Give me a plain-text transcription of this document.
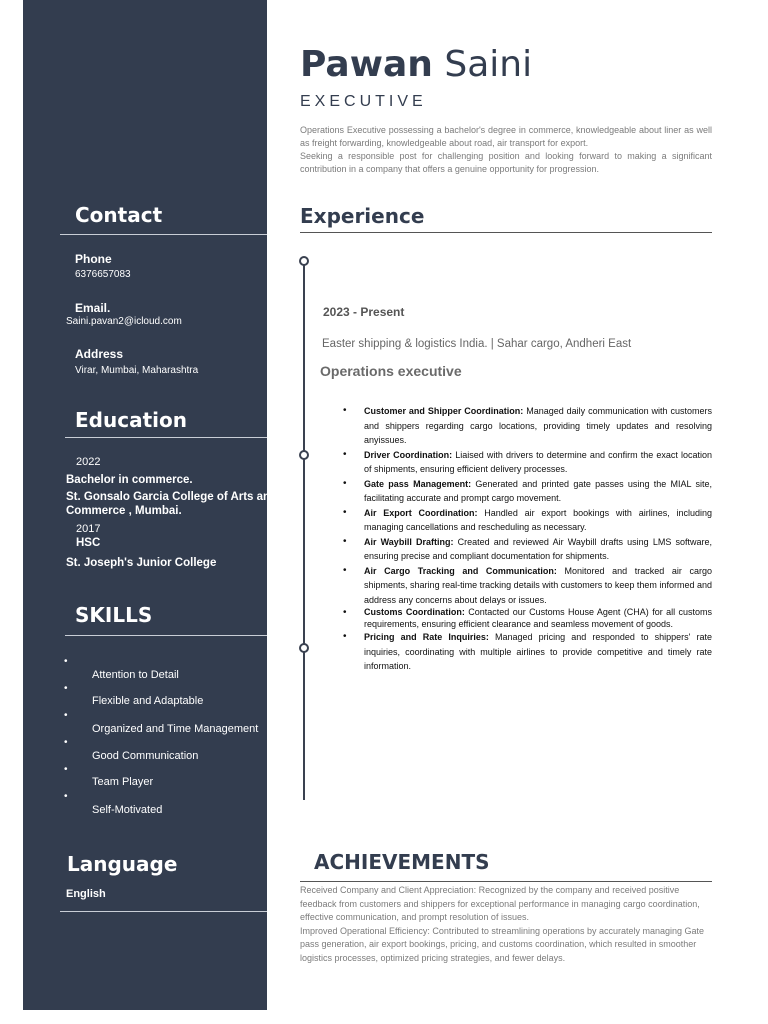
Contact
Phone
6376657083
Email.
Saini.pavan2@icloud.com
Address
Virar, Mumbai, Maharashtra
Education
2022
Bachelor in commerce.
St. Gonsalo Garcia College of Arts and
Commerce , Mumbai.
2017
HSC
St. Joseph's Junior College
SKILLS
•
Attention to Detail
•
Flexible and Adaptable
•
Organized and Time Management
•
Good Communication
•
Team Player
•
Self-Motivated
Language
English
Pawan Saini
EXECUTIVE
Operations Executive possessing a bachelor's degree in commerce, knowledgeable about liner as well as freight forwarding, knowledgeable about road, air transport for export.
Seeking a responsible post for challenging position and looking forward to making a significant contribution in a company that offers a genuine opportunity for progression.
Experience
2023 - Present
Easter shipping & logistics India. | Sahar cargo, Andheri East
Operations executive
• Customer and Shipper Coordination: Managed daily communication with customers and shippers regarding cargo locations, providing timely updates and resolving anyissues.
• Driver Coordination: Liaised with drivers to determine and confirm the exact location of shipments, ensuring efficient delivery processes.
• Gate pass Management: Generated and printed gate passes using the MIAL site, facilitating accurate and prompt cargo movement.
• Air Export Coordination: Handled air export bookings with airlines, including managing cancellations and rescheduling as necessary.
• Air Waybill Drafting: Created and reviewed Air Waybill drafts using LMS software, ensuring precise and compliant documentation for shipments.
• Air Cargo Tracking and Communication: Monitored and tracked air cargo shipments, sharing real-time tracking details with customers to keep them informed and address any concerns about delays or issues.
• Customs Coordination: Contacted our Customs House Agent (CHA) for all customs requirements, ensuring efficient clearance and seamless movement of goods.
• Pricing and Rate Inquiries: Managed pricing and responded to shippers' rate inquiries, coordinating with multiple airlines to provide competitive and timely rate information.
ACHIEVEMENTS
Received Company and Client Appreciation: Recognized by the company and received positive feedback from customers and shippers for exceptional performance in managing cargo coordination, effective communication, and prompt resolution of issues.
Improved Operational Efficiency: Contributed to streamlining operations by accurately managing Gate pass generation, air export bookings, pricing, and customs coordination, which resulted in smoother logistics processes, optimized pricing strategies, and fewer delays.
